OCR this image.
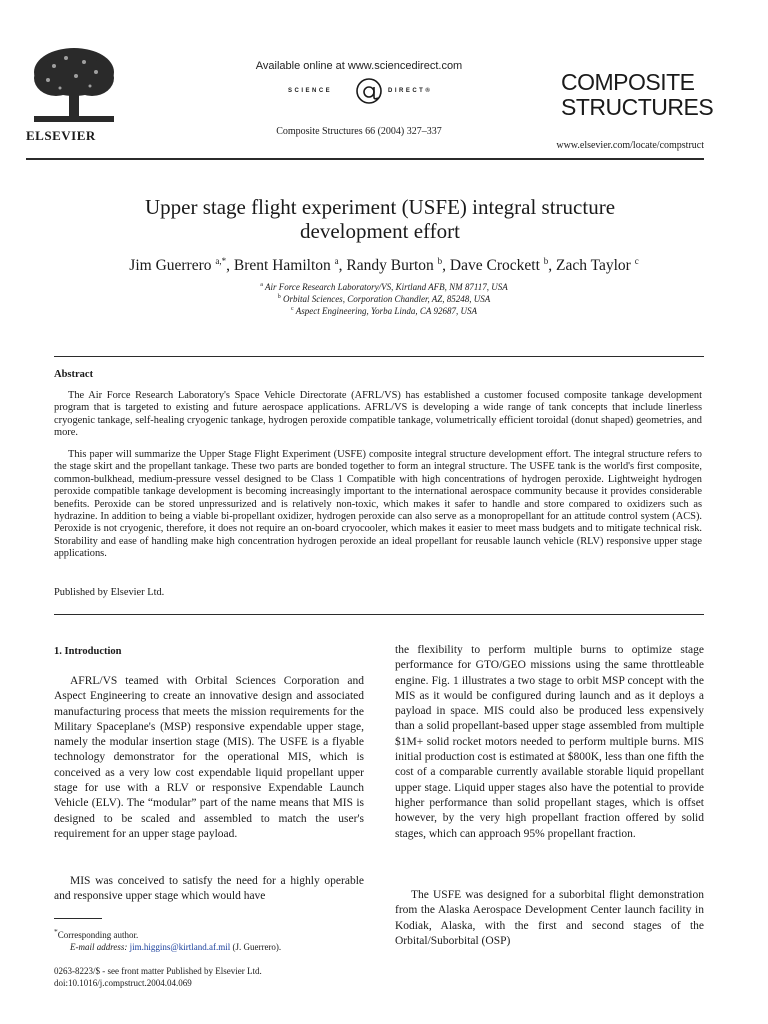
ELSEVIER
Available online at www.sciencedirect.com
SCIENCE	DIRECT®
Composite Structures 66 (2004) 327–337
COMPOSITE
STRUCTURES
www.elsevier.com/locate/compstruct
Upper stage flight experiment (USFE) integral structure
development effort
Jim Guerrero $^{a,*}$, Brent Hamilton $^a$, Randy Burton $^b$, Dave Crockett $^b$, Zach Taylor $^c$
$^a$ Air Force Research Laboratory/VS, Kirtland AFB, NM 87117, USA
$^b$ Orbital Sciences, Corporation Chandler, AZ, 85248, USA
$^c$ Aspect Engineering, Yorba Linda, CA 92687, USA
Abstract
The Air Force Research Laboratory's Space Vehicle Directorate (AFRL/VS) has established a customer focused composite tankage development program that is targeted to existing and future aerospace applications. AFRL/VS is developing a wide range of tank concepts that include linerless cryogenic tankage, self-healing cryogenic tankage, hydrogen peroxide compatible tankage, volumetrically efficient toroidal (donut shaped) geometries, and more.
This paper will summarize the Upper Stage Flight Experiment (USFE) composite integral structure development effort. The integral structure refers to the stage skirt and the propellant tankage. These two parts are bonded together to form an integral structure. The USFE tank is the world's first composite, common-bulkhead, medium-pressure vessel designed to be Class 1 Compatible with high concentrations of hydrogen peroxide. Lightweight hydrogen peroxide compatible tankage development is becoming increasingly important to the international aerospace community because it provides considerable benefits. Peroxide can be stored unpressurized and is relatively non-toxic, which makes it safer to handle and store compared to oxidizers such as hydrazine. In addition to being a viable bi-propellant oxidizer, hydrogen peroxide can also serve as a monopropellant for an attitude control system (ACS). Peroxide is not cryogenic, therefore, it does not require an on-board cryocooler, which makes it easier to meet mass budgets and to mitigate technical risk. Storability and ease of handling make high concentration hydrogen peroxide an ideal propellant for reusable launch vehicle (RLV) responsive upper stage applications.
Published by Elsevier Ltd.
1. Introduction
AFRL/VS teamed with Orbital Sciences Corporation and Aspect Engineering to create an innovative design and associated manufacturing process that meets the mission requirements for the Military Spaceplane's (MSP) responsive expendable upper stage, namely the modular insertion stage (MIS). The USFE is a flyable technology demonstrator for the operational MIS, which is conceived as a very low cost expendable liquid propellant upper stage for use with a RLV or responsive Expendable Launch Vehicle (ELV). The “modular” part of the name means that MIS is designed to be scaled and assembled to match the user's requirement for an upper stage payload.
MIS was conceived to satisfy the need for a highly operable and responsive upper stage which would have
the flexibility to perform multiple burns to optimize stage performance for GTO/GEO missions using the same throttleable engine. Fig. 1 illustrates a two stage to orbit MSP concept with the MIS as it would be configured during launch and as it deploys a payload in space. MIS could also be produced less expensively than a solid propellant-based upper stage assembled from multiple $1M+ solid rocket motors needed to perform multiple burns. MIS initial production cost is estimated at $800K, less than one fifth the cost of a comparable currently available storable liquid propellant upper stage. Liquid upper stages also have the potential to provide higher performance than solid propellant stages, which is offset however, by the very high propellant fraction offered by solid stages, which can approach 95% propellant fraction.
The USFE was designed for a suborbital flight demonstration from the Alaska Aerospace Development Center launch facility in Kodiak, Alaska, with the first and second stages of the Orbital/Suborbital (OSP)
*Corresponding author.
E-mail address: jim.higgins@kirtland.af.mil (J. Guerrero).
0263-8223/$ - see front matter Published by Elsevier Ltd.
doi:10.1016/j.compstruct.2004.04.069
